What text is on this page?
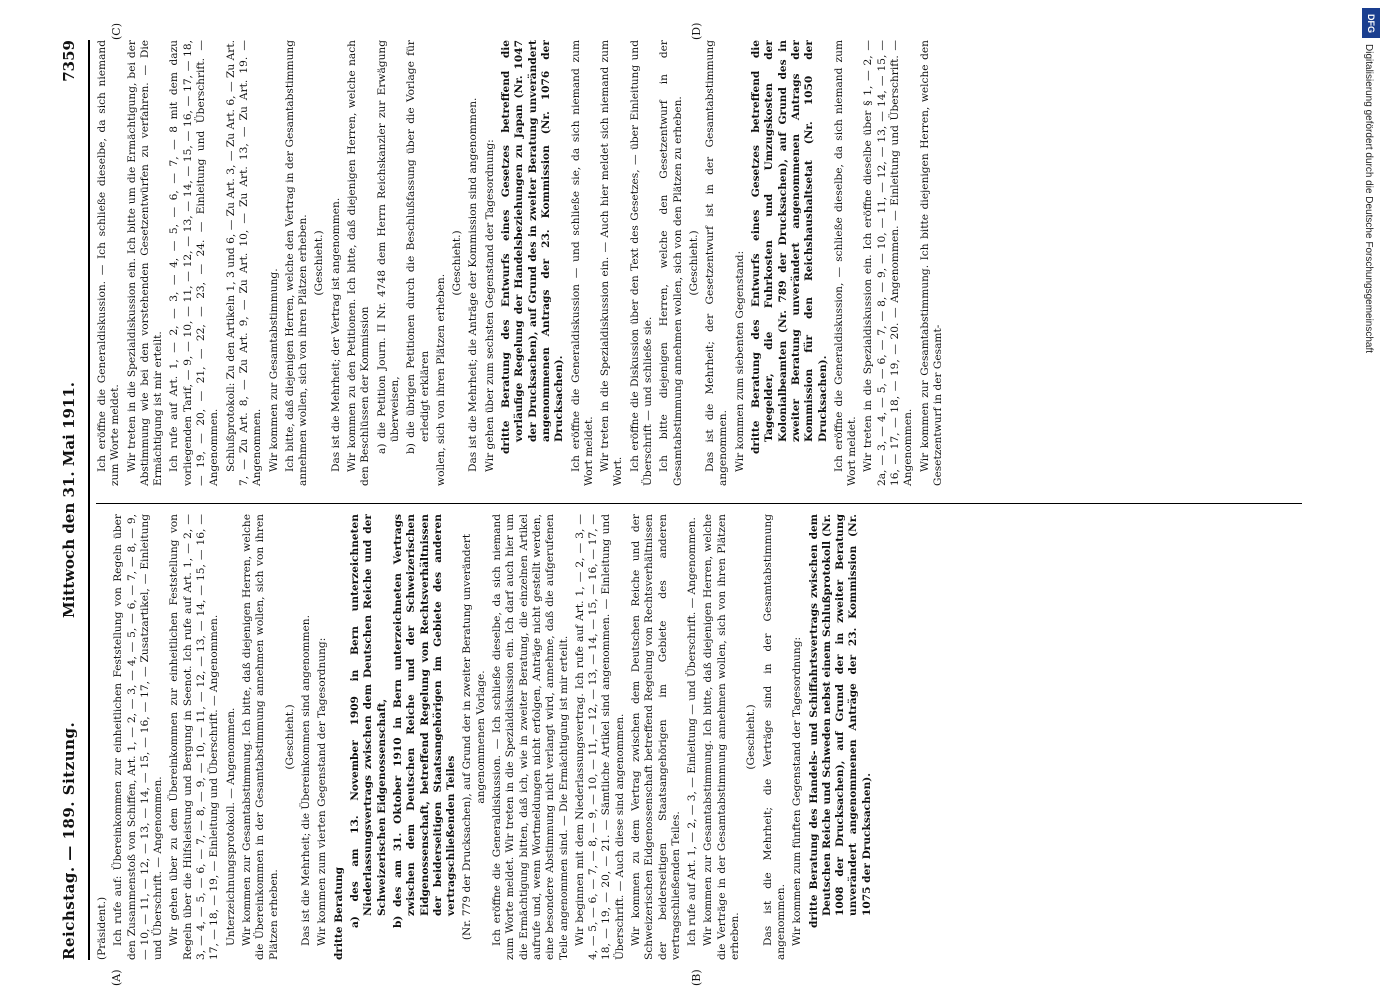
Reichstag. — 189. Sitzung.
Mittwoch den 31. Mai 1911.
7359

(Präsident.) Ich rufe auf: Übereinkommen zur einheitlichen Feststellung von Regeln über den Zusammenstoß von Schiffen, Art. 1, — 2, — 3, — 4, — 5, — 6, — 7, — 8, — 9, — 10, — 11, — 12, — 13, — 14, — 15, — 16, — 17, — Zusatzartikel, — Einleitung und Überschrift. — Angenommen. Wir gehen über zu dem Übereinkommen zur einheitlichen Feststellung von Regeln über die Hilfsleistung und Bergung in Seenot. Ich rufe auf Art. 1, — 2, — 3, — 4, — 5, — 6, — 7, — 8, — 9, — 10, — 11, — 12, — 13, — 14, — 15, — 16, — 17, — 18, — 19, — Einleitung und Überschrift. — Angenommen. Unterzeichnungsprotokoll. — Angenommen. Wir kommen zur Gesamtabstimmung. Ich bitte, daß diejenigen Herren, welche die Übereinkommen in der Gesamtabstimmung annehmen wollen, sich von ihren Plätzen erheben.

(Geschieht.) Das ist die Mehrheit; die Übereinkommen sind angenommen. Wir kommen zum vierten Gegenstand der Tagesordnung: dritte Beratung a) des am 13. November 1909 in Bern unterzeichneten Niederlassungsvertrags zwischen dem Deutschen Reiche und der Schweizerischen Eidgenossenschaft, b) des am 31. Oktober 1910 in Bern unterzeichneten Vertrags zwischen dem Deutschen Reiche und der Schweizerischen Eidgenossenschaft, betreffend Regelung von Rechtsverhältnissen der beiderseitigen Staatsangehörigen im Gebiete des anderen vertragschließenden Teiles (Nr. 779 der Drucksachen), auf Grund der in zweiter Beratung unverändert angenommenen Vorlage. Ich eröffne die Generaldiskussion. — Ich schließe dieselbe, da sich niemand zum Worte meldet. Wir treten in die Spezialdiskussion ein. Ich darf auch hier um die Ermächtigung bitten, daß ich, wie in zweiter Beratung, die einzelnen Artikel aufrufe und, wenn Wortmeldungen nicht erfolgen, Anträge nicht gestellt werden, eine besondere Abstimmung nicht verlangt wird, annehme, daß die aufgerufenen Teile angenommen sind. — Die Ermächtigung ist mir erteilt. Wir beginnen mit dem Niederlassungsvertrag. Ich rufe auf Art. 1, — 2, — 3, — 4, — 5, — 6, — 7, — 8, — 9, — 10, — 11, — 12, — 13, — 14, — 15, — 16, — 17, — 18, — 19, — 20, — 21. — Sämtliche Artikel sind angenommen. — Einleitung und Überschrift. — Auch diese sind angenommen. Wir kommen zu dem Vertrag zwischen dem Deutschen Reiche und der Schweizerischen Eidgenossenschaft betreffend Regelung von Rechtsverhältnissen der beiderseitigen Staatsangehörigen im Gebiete des anderen vertragschließenden Teiles. Ich rufe auf Art. 1, — 2, — 3, — Einleitung — und Überschrift. — Angenommen. Wir kommen zur Gesamtabstimmung. Ich bitte, daß diejenigen Herren, welche die Verträge in der Gesamtabstimmung annehmen wollen, sich von ihren Plätzen erheben.

(Geschieht.) Das ist die Mehrheit; die Verträge sind in der Gesamtabstimmung angenommen. Wir kommen zum fünften Gegenstand der Tagesordnung: dritte Beratung des Handels- und Schiffahrtsvertrags zwischen dem Deutschen Reiche und Schweden nebst einem Schlußprotokoll (Nr. 1008 der Drucksachen), auf Grund der in zweiter Beratung unverändert angenommenen Anträge der 23. Kommission (Nr. 1075 der Drucksachen).

Ich eröffne die Generaldiskussion. — Ich schließe dieselbe, da sich niemand zum Worte meldet. Wir treten in die Spezialdiskussion ein. Ich bitte um die Ermächtigung, bei der Abstimmung wie bei den vorstehenden Gesetzentwürfen zu verfahren. — Die Ermächtigung ist mir erteilt. Ich rufe auf Art. 1, — 2, — 3, — 4, — 5, — 6, — 7, — 8 mit dem dazu vorliegenden Tarif, — 9, — 10, — 11, — 12, — 13, — 14, — 15, — 16, — 17, — 18, — 19, — 20, — 21, — 22, — 23, — 24. — Einleitung und Überschrift. — Angenommen. Schlußprotokoll: Zu den Artikeln 1, 3 und 6, — Zu Art. 3, — Zu Art. 6, — Zu Art. 7, — Zu Art. 8, — Zu Art. 9, — Zu Art. 10, — Zu Art. 13, — Zu Art. 19. — Angenommen. Wir kommen zur Gesamtabstimmung. Ich bitte, daß diejenigen Herren, welche den Vertrag in der Gesamtabstimmung annehmen wollen, sich von ihren Plätzen erheben. (Geschieht.) Das ist die Mehrheit; der Vertrag ist angenommen. Wir kommen zu den Petitionen. Ich bitte, daß diejenigen Herren, welche nach den Beschlüssen der Kommission a) die Petition Journ. II Nr. 4748 dem Herrn Reichskanzler zur Erwägung überweisen, b) die übrigen Petitionen durch die Beschlußfassung über die Vorlage für erledigt erklären wollen, sich von ihren Plätzen erheben.

(Geschieht.) Das ist die Mehrheit; die Anträge der Kommission sind angenommen. Wir gehen über zum sechsten Gegenstand der Tagesordnung: dritte Beratung des Entwurfs eines Gesetzes betreffend die vorläufige Regelung der Handelsbeziehungen zu Japan (Nr. 1047 der Drucksachen), auf Grund des in zweiter Beratung unverändert angenommenen Antrags der 23. Kommission (Nr. 1076 der Drucksachen). Ich eröffne die Generaldiskussion — und schließe sie, da sich niemand zum Wort meldet. Wir treten in die Spezialdiskussion ein. — Auch hier meldet sich niemand zum Wort. Ich eröffne die Diskussion über den Text des Gesetzes, — über Einleitung und Überschrift — und schließe sie. Ich bitte diejenigen Herren, welche den Gesetzentwurf in der Gesamtabstimmung annehmen wollen, sich von den Plätzen zu erheben. (Geschieht.) Das ist die Mehrheit; der Gesetzentwurf ist in der Gesamtabstimmung angenommen. Wir kommen zum siebenten Gegenstand: dritte Beratung des Entwurfs eines Gesetzes betreffend die Tagegelder, die Fuhrkosten und Umzugskosten der Kolonialbeamten (Nr. 789 der Drucksachen), auf Grund des in zweiter Beratung unverändert angenommenen Antrags der Kommission für den Reichshaushaltsetat (Nr. 1050 der Drucksachen). Ich eröffne die Generaldiskussion, — schließe dieselbe, da sich niemand zum Wort meldet. Wir treten in die Spezialdiskussion ein. Ich eröffne dieselbe über § 1, — 2, — 2a, — 3, — 4, — 5, — 6, — 7, — 8, — 9, — 10, — 11, — 12, — 13, — 14, — 15, — 16, — 17, — 18, — 19, — 20. — Angenommen. — Einleitung und Überschrift. — Angenommen. Wir kommen zur Gesamtabstimmung. Ich bitte diejenigen Herren, welche den Gesetzentwurf in der Gesamt-

(A)	(B)
(C)	(D)	DFG
Digitalisierung gefördert durch die Deutsche Forschungsgemeinschaft
